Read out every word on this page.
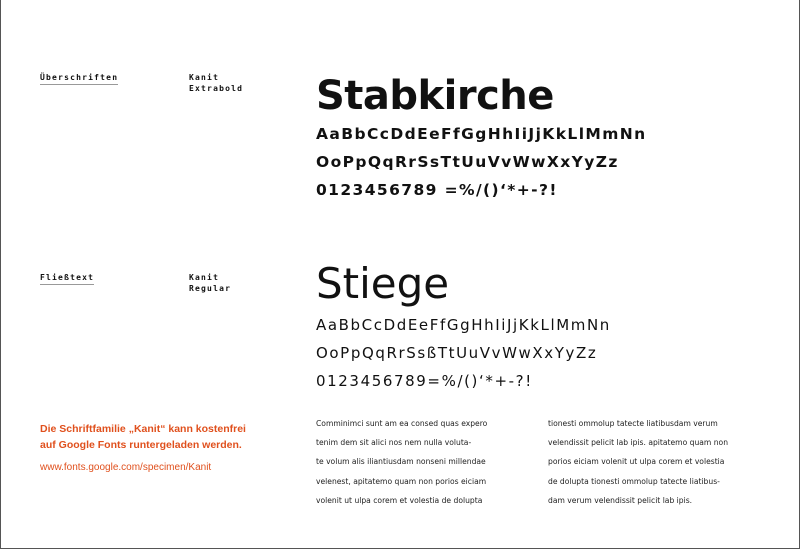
Überschriften	Kanit
Extrabold Stabkirche
AaBbCcDdEeFfGgHhIiJjKkLlMmNn
OoPpQqRrSsTtUuVvWwXxYyZz
0123456789 =%/()‘*+-?!
Fließtext	Kanit
Regular Stiege
AaBbCcDdEeFfGgHhIiJjKkLlMmNn
OoPpQqRrSsßTtUuVvWwXxYyZz
0123456789=%/()‘*+-?!
Die Schriftfamilie „Kanit“ kann kostenfrei
auf Google Fonts runtergeladen werden.
www.fonts.google.com/specimen/Kanit
Comminimci sunt am ea consed quas expero
tenim dem sit alici nos nem nulla voluta-
te volum alis iliantiusdam nonseni millendae
velenest, apitatemo quam non porios eiciam
volenit ut ulpa corem et volestia de dolupta
tionesti ommolup tatecte liatibusdam verum
velendissit pelicit lab ipis. apitatemo quam non
porios eiciam volenit ut ulpa corem et volestia
de dolupta tionesti ommolup tatecte liatibus-
dam verum velendissit pelicit lab ipis.
